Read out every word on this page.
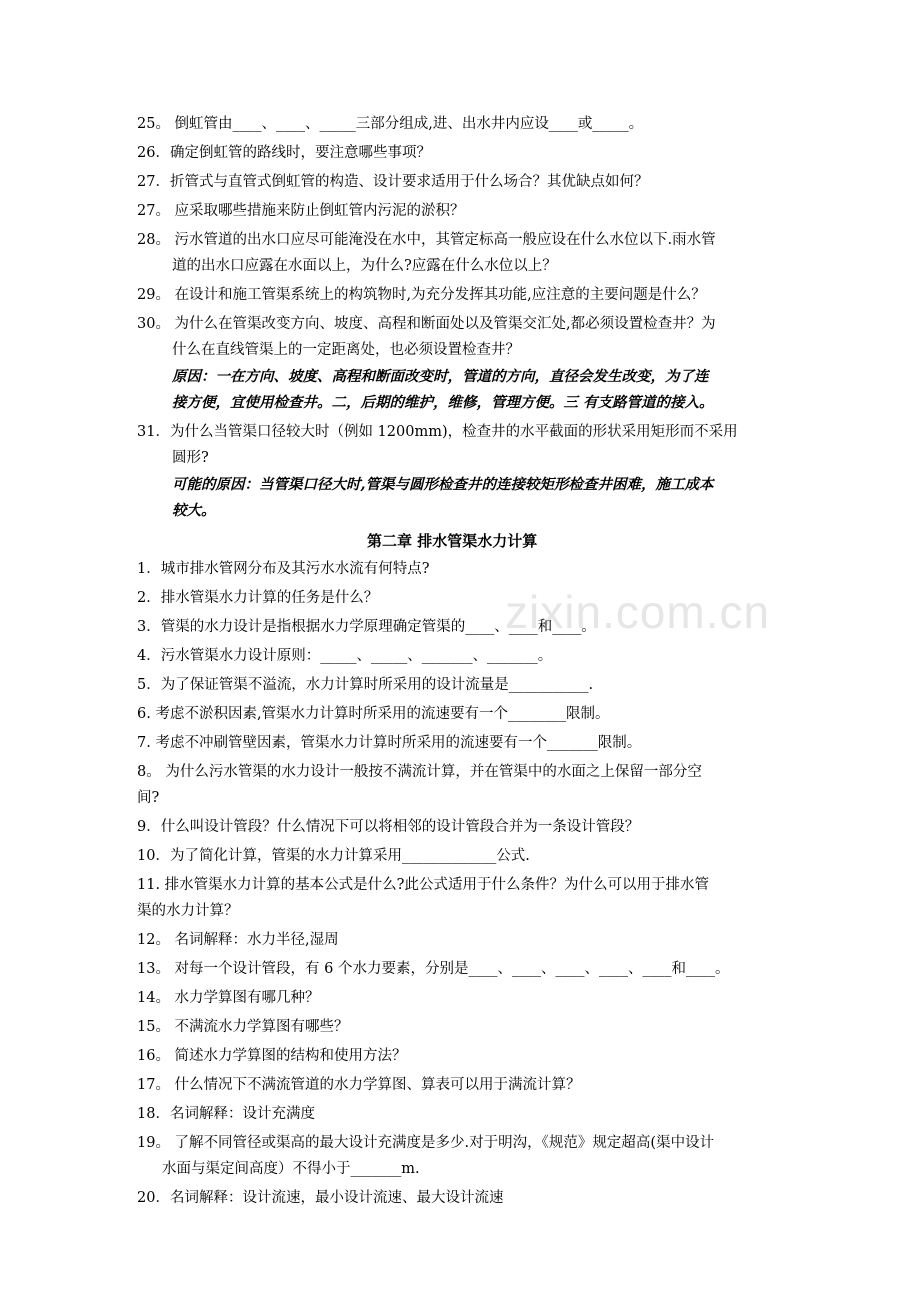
zixin.com.cn
25。 倒虹管由____、____、_____三部分组成,进、出水井内应设____或_____。
26．确定倒虹管的路线时，要注意哪些事项？
27．折管式与直管式倒虹管的构造、设计要求适用于什么场合？其优缺点如何？
27。 应采取哪些措施来防止倒虹管内污泥的淤积？
28。 污水管道的出水口应尽可能淹没在水中，其管定标高一般应设在什么水位以下.雨水管
道的出水口应露在水面以上，为什么?应露在什么水位以上？
29。 在设计和施工管渠系统上的构筑物时,为充分发挥其功能,应注意的主要问题是什么？
30。 为什么在管渠改变方向、坡度、高程和断面处以及管渠交汇处,都必须设置检查井？为
什么在直线管渠上的一定距离处，也必须设置检查井？
原因：一在方向、坡度、高程和断面改变时，管道的方向，直径会发生改变，为了连
接方便，宜使用检查井。二，后期的维护，维修，管理方便。三 有支路管道的接入。
31．为什么当管渠口径较大时（例如 1200mm)，检查井的水平截面的形状采用矩形而不采用
圆形?
可能的原因：当管渠口径大时,管渠与圆形检查井的连接较矩形检查井困难，施工成本
较大。
第二章 排水管渠水力计算
1．城市排水管网分布及其污水水流有何特点?
2．排水管渠水力计算的任务是什么？
3．管渠的水力设计是指根据水力学原理确定管渠的____、____和____。
4．污水管渠水力设计原则：_____、_____、_______、_______。
5．为了保证管渠不溢流，水力计算时所采用的设计流量是___________.
6. 考虑不淤积因素,管渠水力计算时所采用的流速要有一个________限制。
7. 考虑不冲刷管壁因素，管渠水力计算时所采用的流速要有一个_______限制。
8。 为什么污水管渠的水力设计一般按不满流计算，并在管渠中的水面之上保留一部分空
间?
9．什么叫设计管段？什么情况下可以将相邻的设计管段合并为一条设计管段？
10．为了简化计算，管渠的水力计算采用_____________公式.
11. 排水管渠水力计算的基本公式是什么?此公式适用于什么条件？为什么可以用于排水管
渠的水力计算？
12。 名词解释：水力半径,湿周
13。 对每一个设计管段，有 6 个水力要素，分别是____、____、____、____、____和____。
14。 水力学算图有哪几种？
15。 不满流水力学算图有哪些？
16。 简述水力学算图的结构和使用方法？
17。 什么情况下不满流管道的水力学算图、算表可以用于满流计算？
18．名词解释：设计充满度
19。 了解不同管径或渠高的最大设计充满度是多少.对于明沟，《规范》规定超高(渠中设计
水面与渠定间高度）不得小于_______m.
20．名词解释：设计流速，最小设计流速、最大设计流速
